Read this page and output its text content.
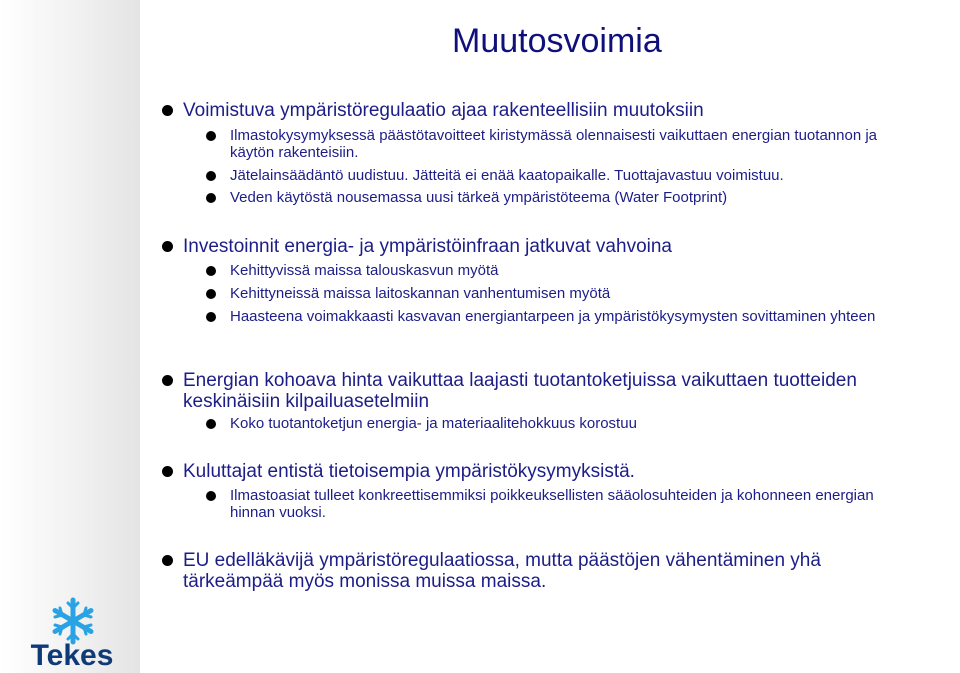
Muutosvoimia
Voimistuva ympäristöregulaatio ajaa rakenteellisiin muutoksiin
Ilmastokysymyksessä päästötavoitteet kiristymässä olennaisesti vaikuttaen energian tuotannon ja käytön rakenteisiin.
Jätelainsäädäntö uudistuu. Jätteitä ei enää kaatopaikalle. Tuottajavastuu voimistuu.
Veden käytöstä nousemassa uusi tärkeä ympäristöteema (Water Footprint)
Investoinnit energia- ja ympäristöinfraan jatkuvat vahvoina
Kehittyvissä maissa talouskasvun myötä
Kehittyneissä maissa laitoskannan vanhentumisen myötä
Haasteena voimakkaasti kasvavan energiantarpeen ja ympäristökysymysten sovittaminen yhteen
Energian kohoava hinta vaikuttaa laajasti tuotantoketjuissa vaikuttaen tuotteiden keskinäisiin kilpailuasetelmiin
Koko tuotantoketjun energia- ja materiaalitehokkuus korostuu
Kuluttajat entistä tietoisempia ympäristökysymyksistä.
Ilmastoasiat tulleet konkreettisemmiksi poikkeuksellisten sääolosuhteiden ja kohonneen energian hinnan vuoksi.
EU edelläkävijä ympäristöregulaatiossa, mutta päästöjen vähentäminen yhä tärkeämpää myös monissa muissa maissa.
Tekes
